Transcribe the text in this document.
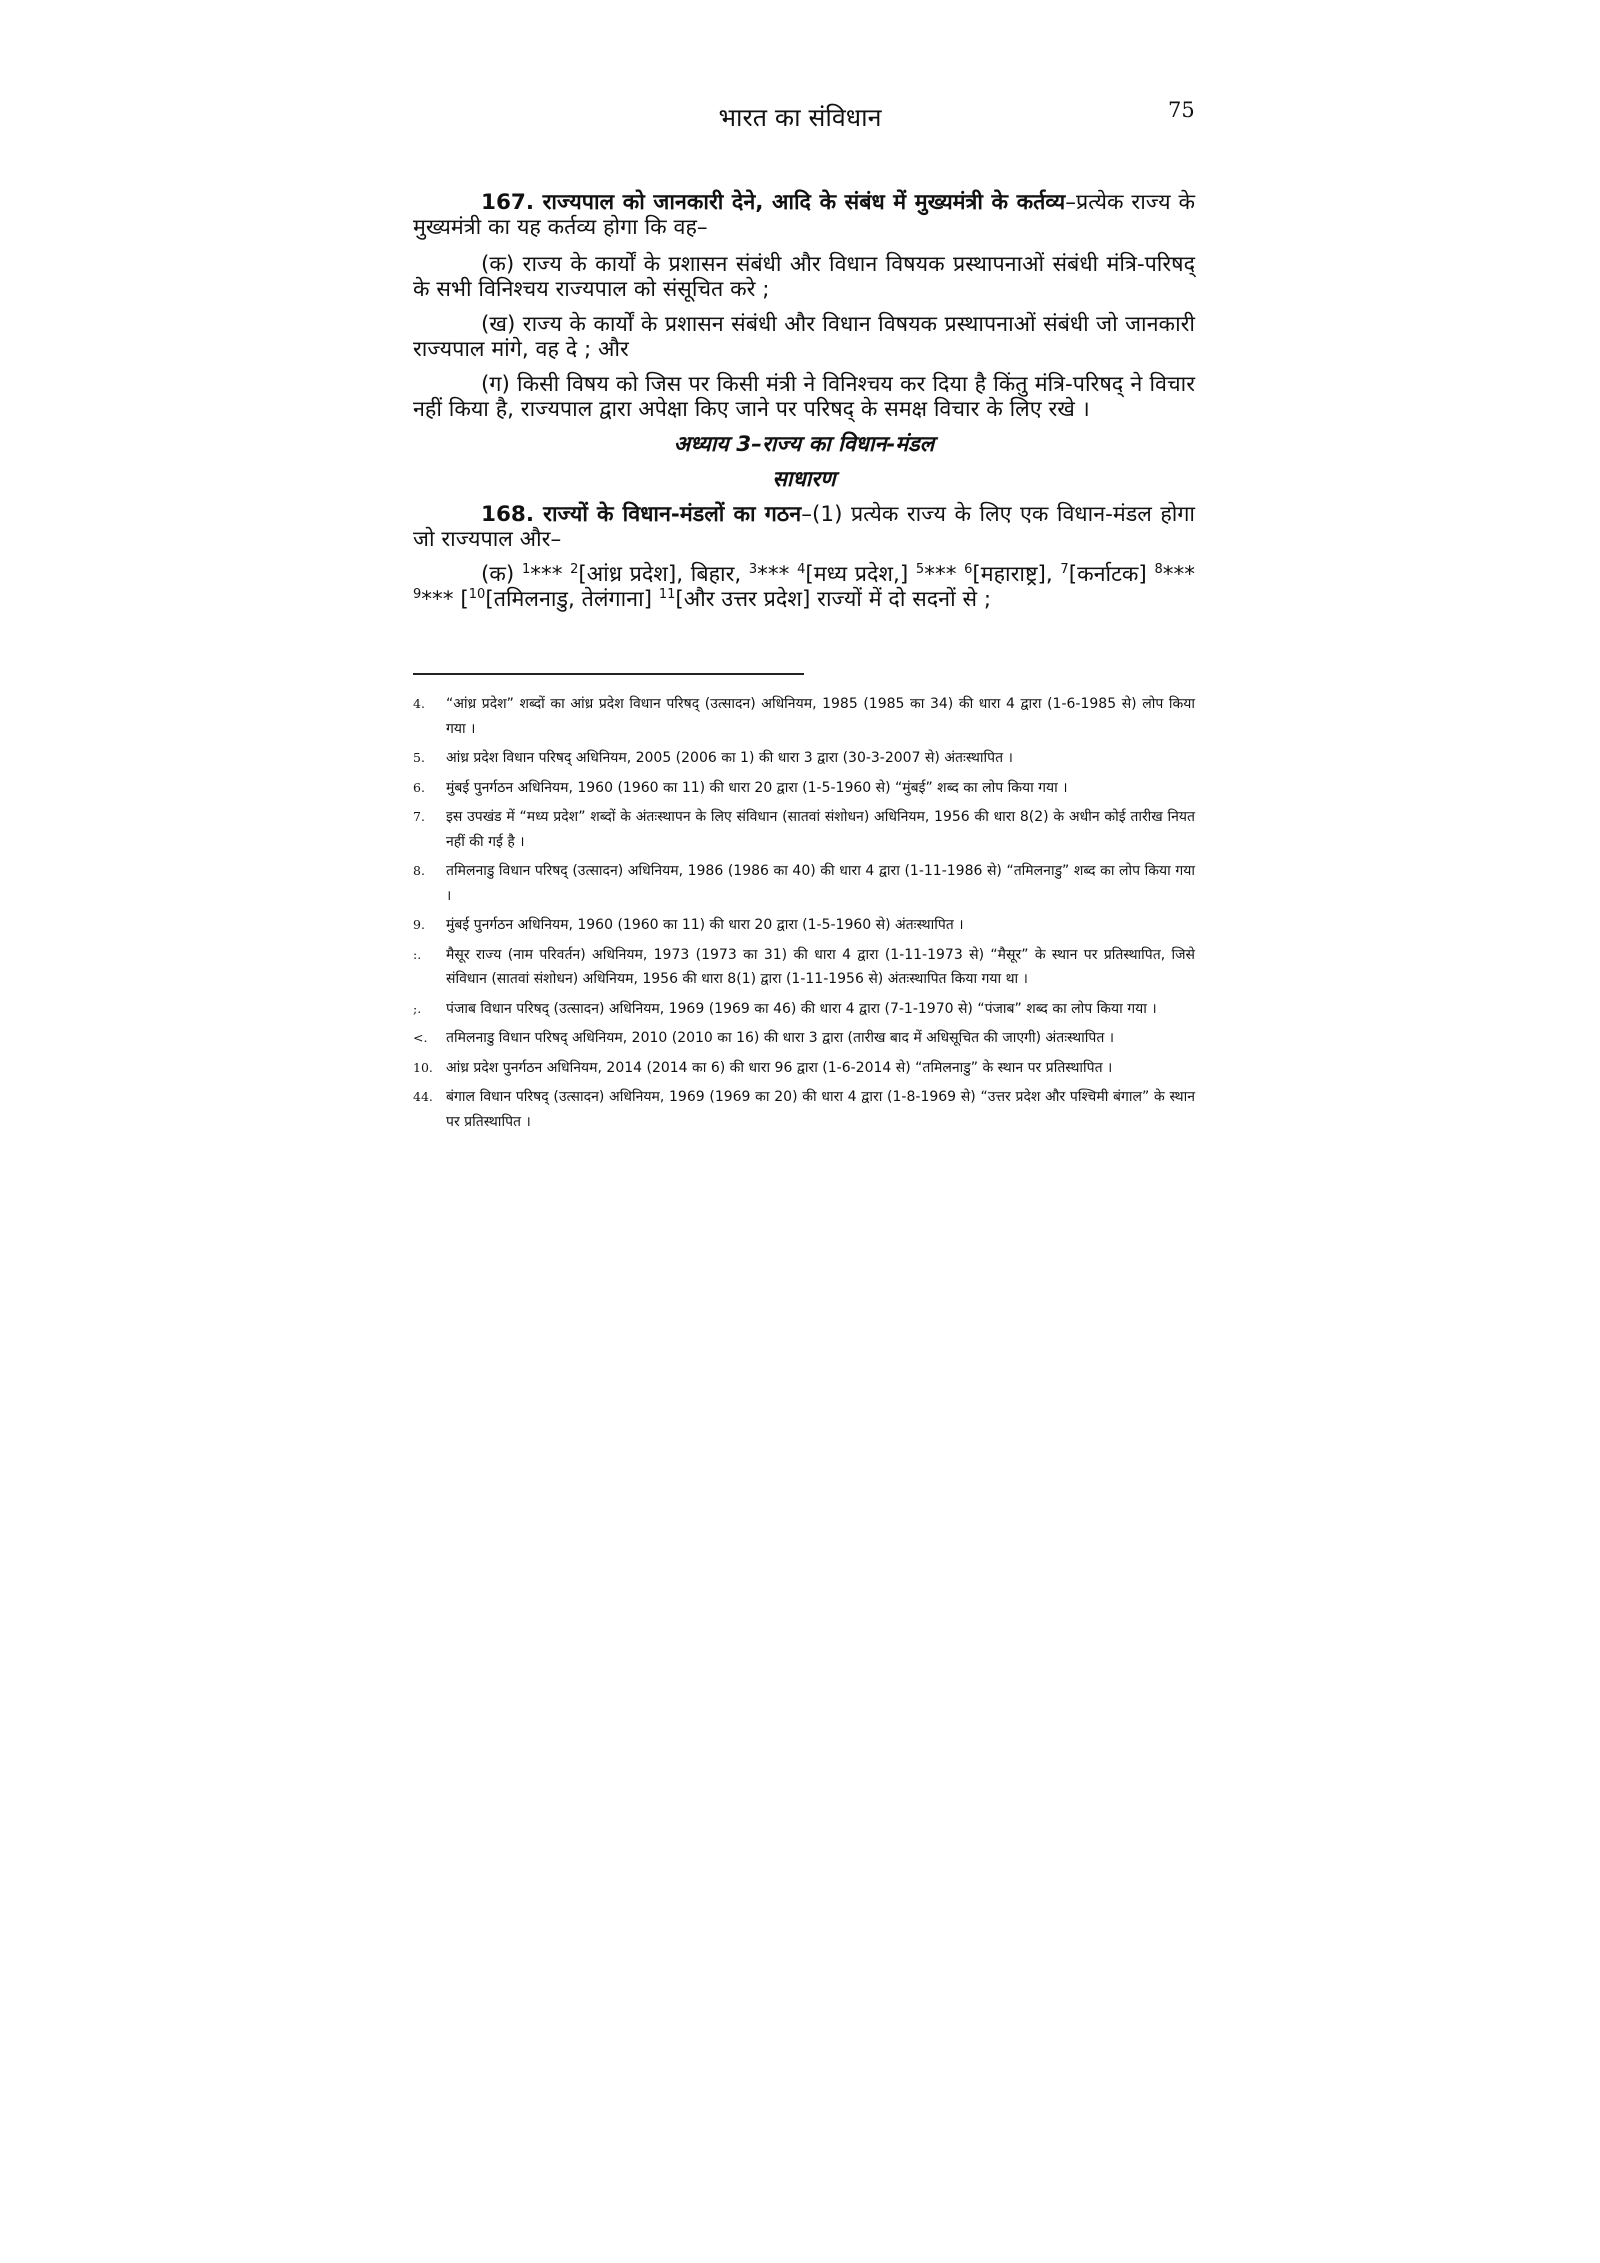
भारत का संविधान	75

167. राज्यपाल को जानकारी देने, आदि के संबंध में मुख्यमंत्री के कर्तव्य–प्रत्येक राज्य के मुख्यमंत्री का यह कर्तव्य होगा कि वह–

(क) राज्य के कार्यों के प्रशासन संबंधी और विधान विषयक प्रस्थापनाओं संबंधी मंत्रि-परिषद् के सभी विनिश्चय राज्यपाल को संसूचित करे ;

(ख) राज्य के कार्यों के प्रशासन संबंधी और विधान विषयक प्रस्थापनाओं संबंधी जो जानकारी राज्यपाल मांगे, वह दे ; और

(ग) किसी विषय को जिस पर किसी मंत्री ने विनिश्चय कर दिया है किंतु मंत्रि-परिषद् ने विचार नहीं किया है, राज्यपाल द्वारा अपेक्षा किए जाने पर परिषद् के समक्ष विचार के लिए रखे ।

अध्याय 3–राज्य का विधान-मंडल

साधारण

168. राज्यों के विधान-मंडलों का गठन–(1) प्रत्येक राज्य के लिए एक विधान-मंडल होगा जो राज्यपाल और–

(क) $^1$*** $^2$[आंध्र प्रदेश], बिहार, $^3$*** $^4$[मध्य प्रदेश,] $^5$*** $^6$[महाराष्ट्र], $^7$[कर्नाटक] $^8$*** $^9$*** [$^{10}$[तमिलनाडु, तेलंगाना] $^{11}$[और उत्तर प्रदेश] राज्यों में दो सदनों से ;

4.	“आंध्र प्रदेश” शब्दों का आंध्र प्रदेश विधान परिषद् (उत्सादन) अधिनियम, 1985 (1985 का 34) की धारा 4 द्वारा (1-6-1985 से) लोप किया गया ।
5.	आंध्र प्रदेश विधान परिषद् अधिनियम, 2005 (2006 का 1) की धारा 3 द्वारा (30-3-2007 से) अंतःस्थापित ।
6.	मुंबई पुनर्गठन अधिनियम, 1960 (1960 का 11) की धारा 20 द्वारा (1-5-1960 से) “मुंबई” शब्द का लोप किया गया ।
7.	इस उपखंड में “मध्य प्रदेश” शब्दों के अंतःस्थापन के लिए संविधान (सातवां संशोधन) अधिनियम, 1956 की धारा 8(2) के अधीन कोई तारीख नियत नहीं की गई है ।
8.	तमिलनाडु विधान परिषद् (उत्सादन) अधिनियम, 1986 (1986 का 40) की धारा 4 द्वारा (1-11-1986 से) “तमिलनाडु” शब्द का लोप किया गया ।
9.	मुंबई पुनर्गठन अधिनियम, 1960 (1960 का 11) की धारा 20 द्वारा (1-5-1960 से) अंतःस्थापित ।
:.	मैसूर राज्य (नाम परिवर्तन) अधिनियम, 1973 (1973 का 31) की धारा 4 द्वारा (1-11-1973 से) “मैसूर” के स्थान पर प्रतिस्थापित, जिसे संविधान (सातवां संशोधन) अधिनियम, 1956 की धारा 8(1) द्वारा (1-11-1956 से) अंतःस्थापित किया गया था ।
;.	पंजाब विधान परिषद् (उत्सादन) अधिनियम, 1969 (1969 का 46) की धारा 4 द्वारा (7-1-1970 से) “पंजाब” शब्द का लोप किया गया ।
<.	तमिलनाडु विधान परिषद् अधिनियम, 2010 (2010 का 16) की धारा 3 द्वारा (तारीख बाद में अधिसूचित की जाएगी) अंतःस्थापित ।
10. आंध्र प्रदेश पुनर्गठन अधिनियम, 2014 (2014 का 6) की धारा 96 द्वारा (1-6-2014 से) “तमिलनाडु” के स्थान पर प्रतिस्थापित ।
44. बंगाल विधान परिषद् (उत्सादन) अधिनियम, 1969 (1969 का 20) की धारा 4 द्वारा (1-8-1969 से) “उत्तर प्रदेश और पश्चिमी बंगाल” के स्थान पर प्रतिस्थापित ।
